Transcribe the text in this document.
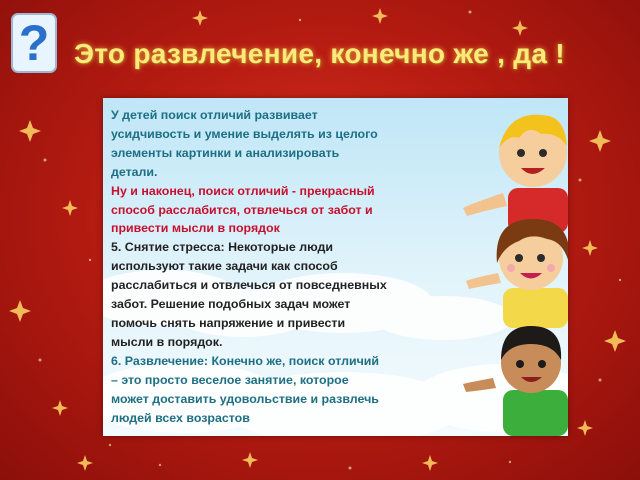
? Это развлечение, конечно же , да !
У детей поиск отличий развивает
усидчивость и умение выделять из целого
элементы картинки и анализировать
детали.
Ну и наконец, поиск отличий - прекрасный
способ расслабится, отвлечься от забот и
привести мысли в порядок
5. Снятие стресса: Некоторые люди
используют такие задачи как способ
расслабиться и отвлечься от повседневных
забот. Решение подобных задач может
помочь снять напряжение и привести
мысли в порядок.
6. Развлечение: Конечно же, поиск отличий
– это просто веселое занятие, которое
может доставить удовольствие и развлечь
людей всех возрастов
